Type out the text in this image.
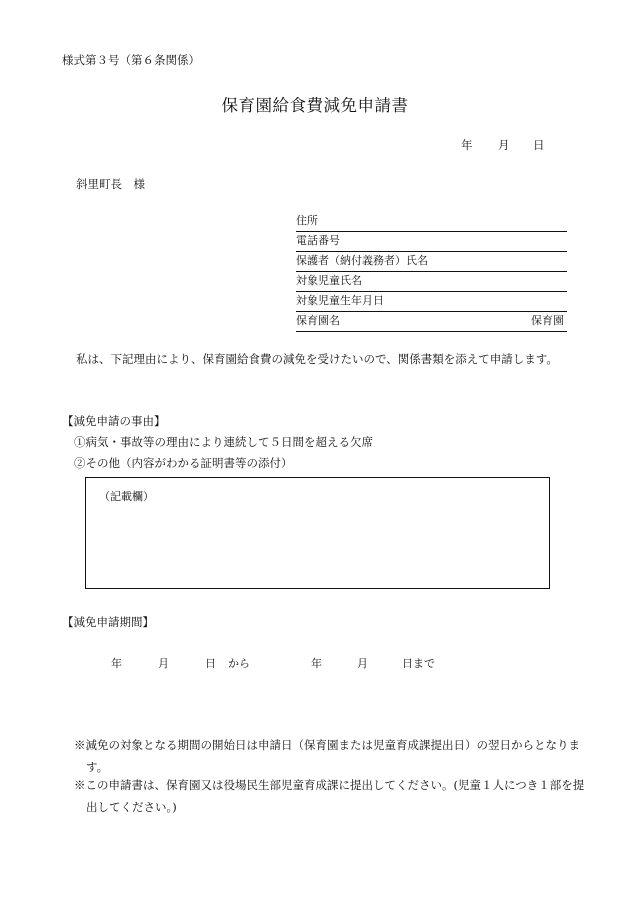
様式第３号（第６条関係）
保育園給食費減免申請書
年 月 日
斜里町長　様
住所
電話番号
保護者（納付義務者）氏名
対象児童氏名
対象児童生年月日
保育園名	保育園
私は、下記理由により、保育園給食費の減免を受けたいので、関係書類を添えて申請します。
【減免申請の事由】
①病気・事故等の理由により連続して５日間を超える欠席
②その他（内容がわかる証明書等の添付）
（記載欄）
【減免申請期間】
年	月	日 から	年	月	日まで
※減免の対象となる期間の開始日は申請日（保育園または児童育成課提出日）の翌日からとなります。
※この申請書は、保育園又は役場民生部児童育成課に提出してください。(児童１人につき１部を提出してください。)
